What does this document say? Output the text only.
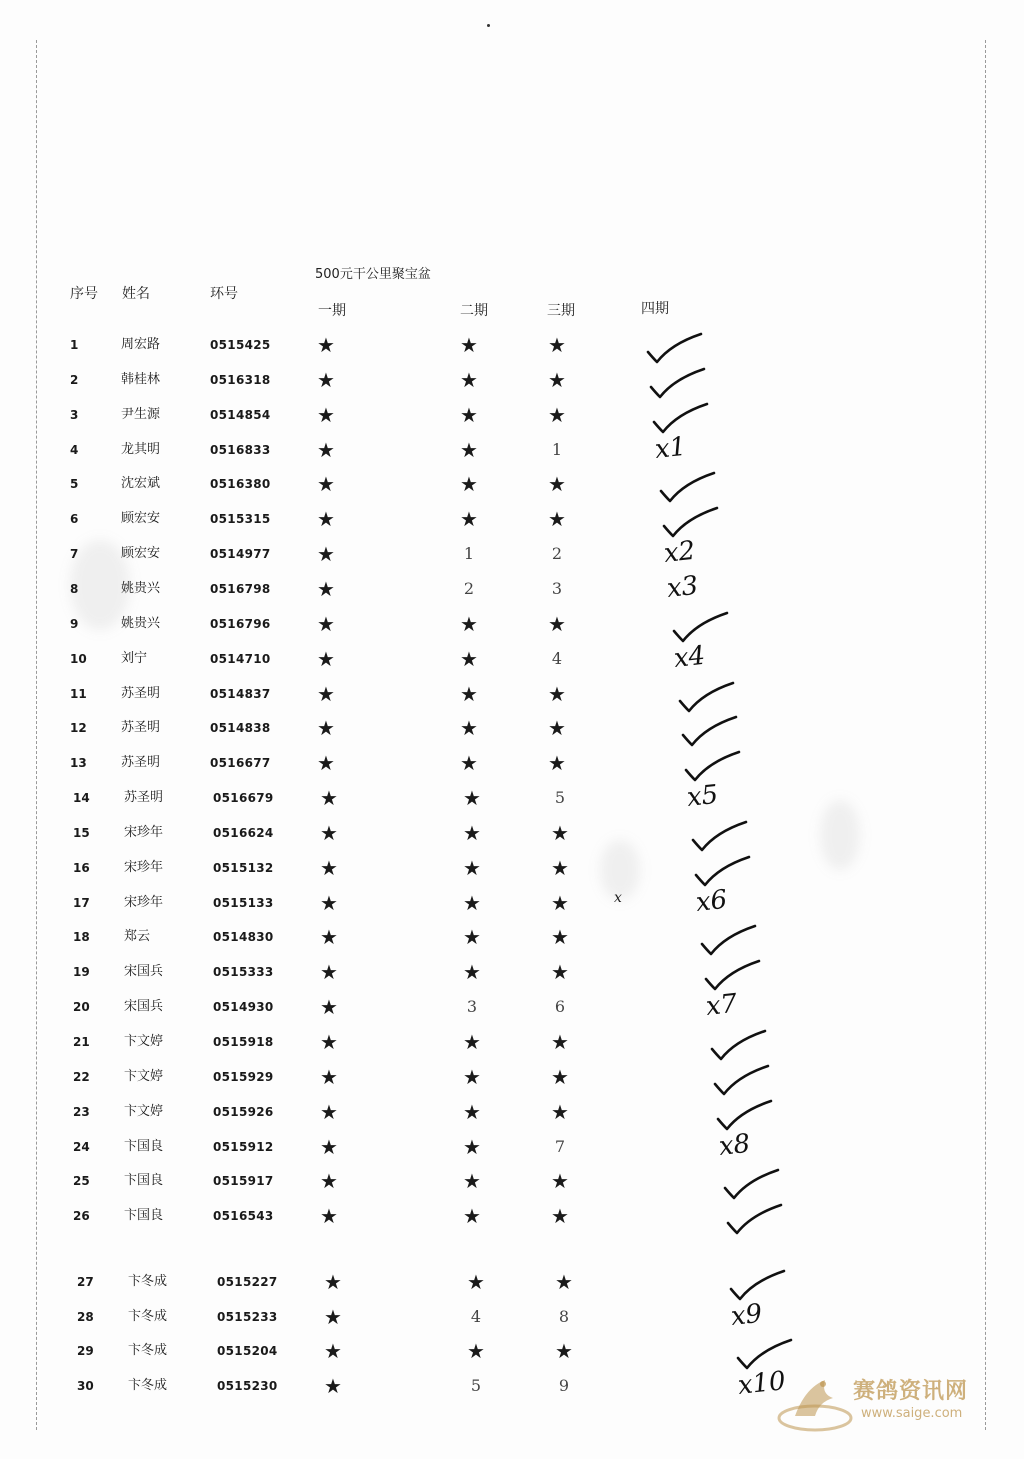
500元干公里聚宝盆
序号 姓名	环号
一期	二期	三期	四期
1	周宏路	0515425 ★	★	★
2	韩桂林	0516318 ★	★	★
3	尹生源	0514854 ★	★	★
4	龙其明	0516833 ★	★	1	x1
5	沈宏斌	0516380 ★	★	★
6	顾宏安	0515315 ★	★	★
7	顾宏安	0514977 ★	1	2	x2
8	姚贵兴	0516798 ★	2	3	x3
9	姚贵兴	0516796 ★	★	★
10	刘宁	0514710 ★	★	4	x4
11	苏圣明	0514837 ★	★	★
12	苏圣明	0514838 ★	★	★
13	苏圣明	0516677 ★	★	★
14	苏圣明	0516679 ★	★	5	x5
15	宋珍年	0516624 ★	★	★
16	宋珍年	0515132 ★	★	★
17	宋珍年	0515133 ★	★	★	x6
18	郑云	0514830 ★	★	★
19	宋国兵	0515333 ★	★	★
20	宋国兵	0514930 ★	3	6	x7
21	卞文婷	0515918 ★	★	★
22	卞文婷	0515929 ★	★	★
23	卞文婷	0515926 ★	★	★
24	卞国良	0515912 ★	★	7	x8
25	卞国良	0515917 ★	★	★
26	卞国良	0516543 ★	★	★
27	卞冬成	0515227 ★	★	★
28	卞冬成	0515233 ★	4	8	x9
29	卞冬成	0515204 ★	★	★
30	卞冬成	0515230 ★	5	9	x10
x
赛鸽资讯网
www.saige.com
